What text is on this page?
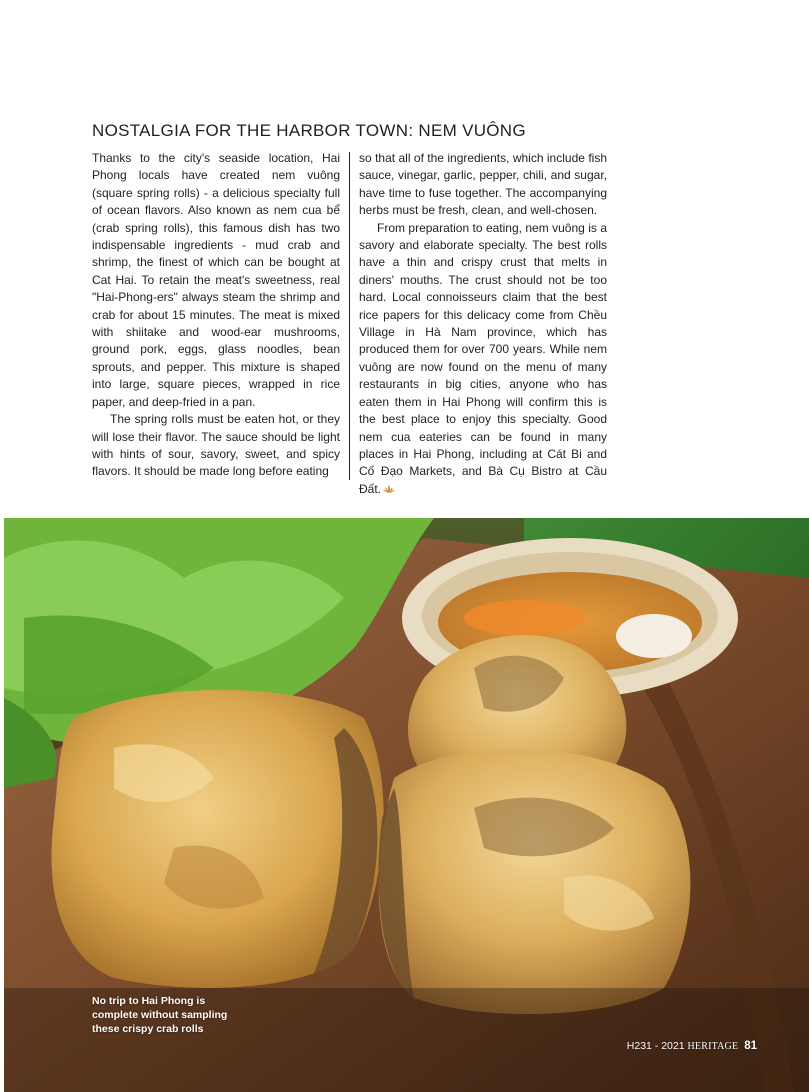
NOSTALGIA FOR THE HARBOR TOWN: NEM VUÔNG

Thanks to the city's seaside location, Hai Phong locals have created nem vuông (square spring rolls) - a delicious specialty full of ocean flavors. Also known as nem cua bể (crab spring rolls), this famous dish has two indispensable ingredients - mud crab and shrimp, the finest of which can be bought at Cat Hai. To retain the meat's sweetness, real "Hai-Phong-ers" always steam the shrimp and crab for about 15 minutes. The meat is mixed with shiitake and wood-ear mushrooms, ground pork, eggs, glass noodles, bean sprouts, and pepper. This mixture is shaped into large, square pieces, wrapped in rice paper, and deep-fried in a pan.

The spring rolls must be eaten hot, or they will lose their flavor. The sauce should be light with hints of sour, savory, sweet, and spicy flavors. It should be made long before eating

so that all of the ingredients, which include fish sauce, vinegar, garlic, pepper, chili, and sugar, have time to fuse together. The accompanying herbs must be fresh, clean, and well-chosen.

From preparation to eating, nem vuông is a savory and elaborate specialty. The best rolls have a thin and crispy crust that melts in diners' mouths. The crust should not be too hard. Local connoisseurs claim that the best rice papers for this delicacy come from Chều Village in Hà Nam province, which has produced them for over 700 years. While nem vuông are now found on the menu of many restaurants in big cities, anyone who has eaten them in Hai Phong will confirm this is the best place to enjoy this specialty. Good nem cua eateries can be found in many places in Hai Phong, including at Cát Bi and Cố Đạo Markets, and Bà Cụ Bistro at Cầu Đất.

No trip to Hai Phong is
complete without sampling
these crispy crab rolls
H231 - 2021 HERITAGE 81
